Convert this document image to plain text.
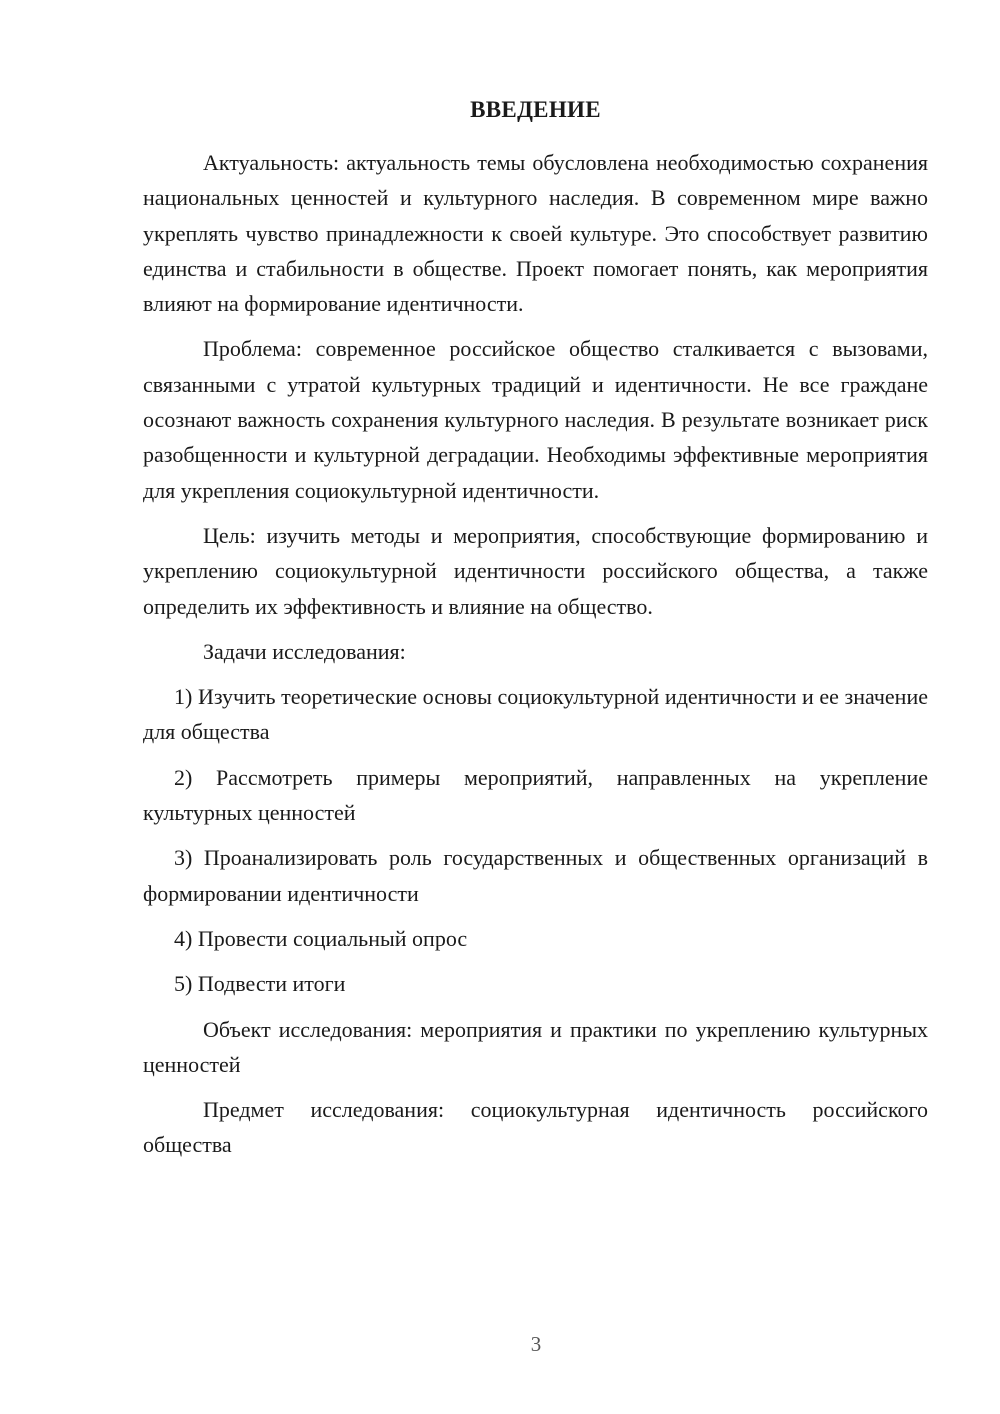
ВВЕДЕНИЕ

Актуальность: актуальность темы обусловлена необходимостью сохранения национальных ценностей и культурного наследия. В современном мире важно укреплять чувство принадлежности к своей культуре. Это способствует развитию единства и стабильности в обществе. Проект помогает понять, как мероприятия влияют на формирование идентичности.

Проблема: современное российское общество сталкивается с вызовами, связанными с утратой культурных традиций и идентичности. Не все граждане осознают важность сохранения культурного наследия. В результате возникает риск разобщенности и культурной деградации. Необходимы эффективные мероприятия для укрепления социокультурной идентичности.

Цель: изучить методы и мероприятия, способствующие формированию и укреплению социокультурной идентичности российского общества, а также определить их эффективность и влияние на общество.

Задачи исследования:

1) Изучить теоретические основы социокультурной идентичности и ее значение для общества

2) Рассмотреть примеры мероприятий, направленных на укрепление культурных ценностей

3) Проанализировать роль государственных и общественных организаций в формировании идентичности

4) Провести социальный опрос

5) Подвести итоги

Объект исследования: мероприятия и практики по укреплению культурных ценностей

Предмет исследования: социокультурная идентичность российского общества

3
